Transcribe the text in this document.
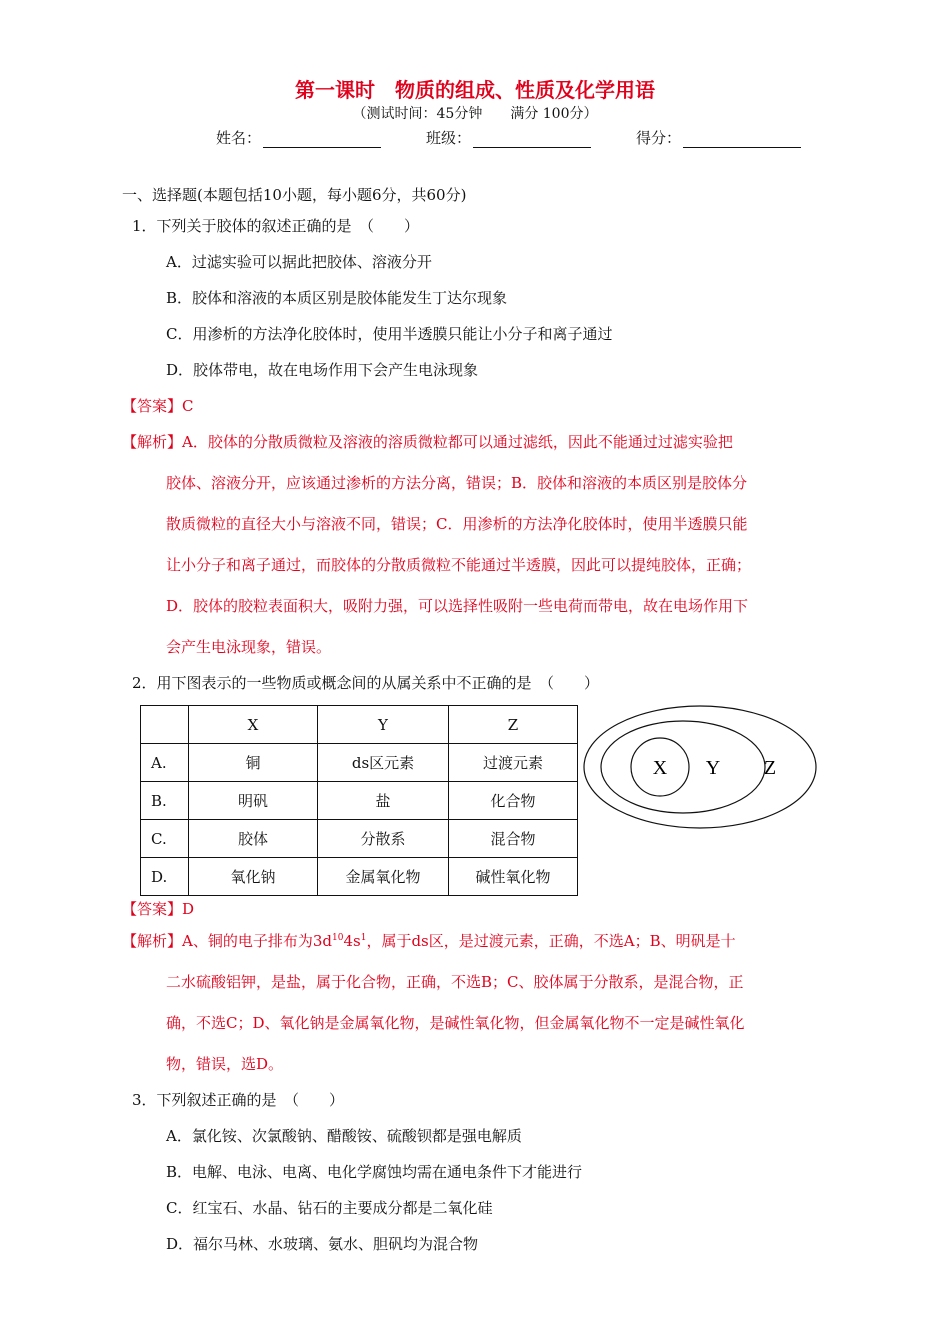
第一课时　物质的组成、性质及化学用语
（测试时间：45分钟　　满分 100分）
姓名：	班级：	得分：
一、选择题(本题包括10小题，每小题6分，共60分)
1．下列关于胶体的叙述正确的是　（　　）
A．过滤实验可以据此把胶体、溶液分开
B．胶体和溶液的本质区别是胶体能发生丁达尔现象
C．用渗析的方法净化胶体时，使用半透膜只能让小分子和离子通过
D．胶体带电，故在电场作用下会产生电泳现象
【答案】C
【解析】A．胶体的分散质微粒及溶液的溶质微粒都可以通过滤纸，因此不能通过过滤实验把
胶体、溶液分开，应该通过渗析的方法分离，错误；B．胶体和溶液的本质区别是胶体分
散质微粒的直径大小与溶液不同，错误；C．用渗析的方法净化胶体时，使用半透膜只能
让小分子和离子通过，而胶体的分散质微粒不能通过半透膜，因此可以提纯胶体，正确；
D．胶体的胶粒表面积大，吸附力强，可以选择性吸附一些电荷而带电，故在电场作用下
会产生电泳现象，错误。
2．用下图表示的一些物质或概念间的从属关系中不正确的是　（　　）
	X	Y	Z
A.	铜	ds区元素	过渡元素
B.	明矾	盐	化合物
C.	胶体	分散系	混合物
D.	氧化钠	金属氧化物	碱性氧化物
X Y Z
【答案】D
【解析】A、铜的电子排布为$3d^{10}4s^1$，属于ds区，是过渡元素，正确，不选A；B、明矾是十
二水硫酸铝钾，是盐，属于化合物，正确，不选B；C、胶体属于分散系，是混合物，正
确，不选C；D、氧化钠是金属氧化物，是碱性氧化物，但金属氧化物不一定是碱性氧化
物，错误，选D。
3．下列叙述正确的是　（　　）
A．氯化铵、次氯酸钠、醋酸铵、硫酸钡都是强电解质
B．电解、电泳、电离、电化学腐蚀均需在通电条件下才能进行
C．红宝石、水晶、钻石的主要成分都是二氧化硅
D．福尔马林、水玻璃、氨水、胆矾均为混合物
